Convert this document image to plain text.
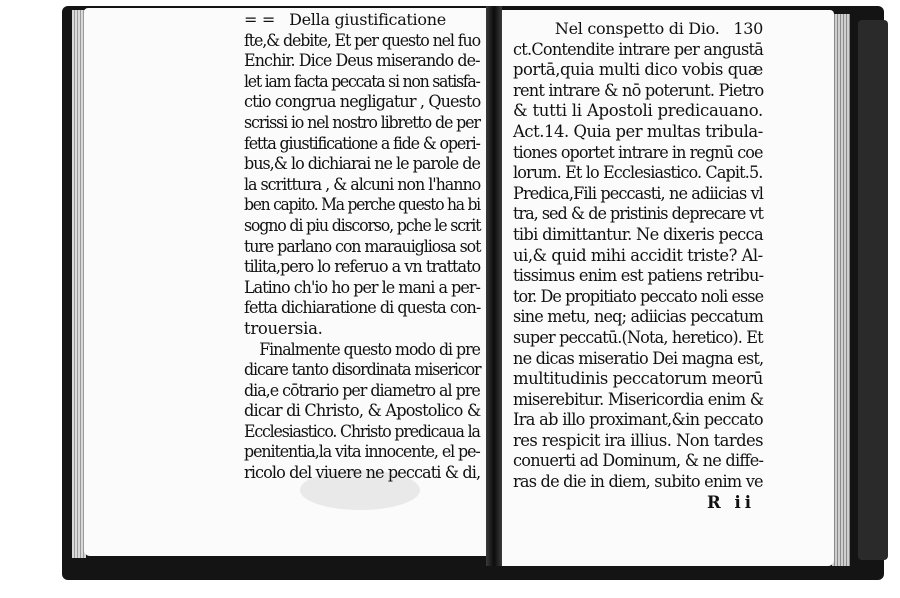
= = Della giustificatione
fte,& debite, Et per questo nel fuo
Enchir. Dice Deus miserando de-
let iam facta peccata si non satisfa-
ctio congrua negligatur , Questo
scrissi io nel nostro libretto de per
fetta giustificatione a fide & operi-
bus,& lo dichiarai ne le parole de
la scrittura , & alcuni non l'hanno
ben capito. Ma perche questo ha bi
sogno di piu discorso, pche le scrit
ture parlano con marauigliosa sot
tilita,pero lo referuo a vn trattato
Latino ch'io ho per le mani a per-
fetta dichiaratione di questa con-
trouersia.
Finalmente questo modo di pre
dicare tanto disordinata misericor
dia,e cōtrario per diametro al pre
dicar di Christo, & Apostolico &
Ecclesiastico. Christo predicaua la
penitentia,la vita innocente, el pe-
ricolo del viuere ne peccati & di,
Nel conspetto di Dio. 130
ct.Contendite intrare per angustā
portā,quia multi dico vobis quæ
rent intrare & nō poterunt. Pietro
& tutti li Apostoli predicauano.
Act.14. Quia per multas tribula-
tiones oportet intrare in regnū coe
lorum. Et lo Ecclesiastico. Capit.5.
Predica,Fili peccasti, ne adiicias vl
tra, sed & de pristinis deprecare vt
tibi dimittantur. Ne dixeris pecca
ui,& quid mihi accidit triste? Al-
tissimus enim est patiens retribu-
tor. De propitiato peccato noli esse
sine metu, neq; adiicias peccatum
super peccatū.(Nota, heretico). Et
ne dicas miseratio Dei magna est,
multitudinis peccatorum meorū
miserebitur. Misericordia enim &
Ira ab illo proximant,&in peccato
res respicit ira illius. Non tardes
conuerti ad Dominum, & ne diffe-
ras de die in diem, subito enim ve
R ii
